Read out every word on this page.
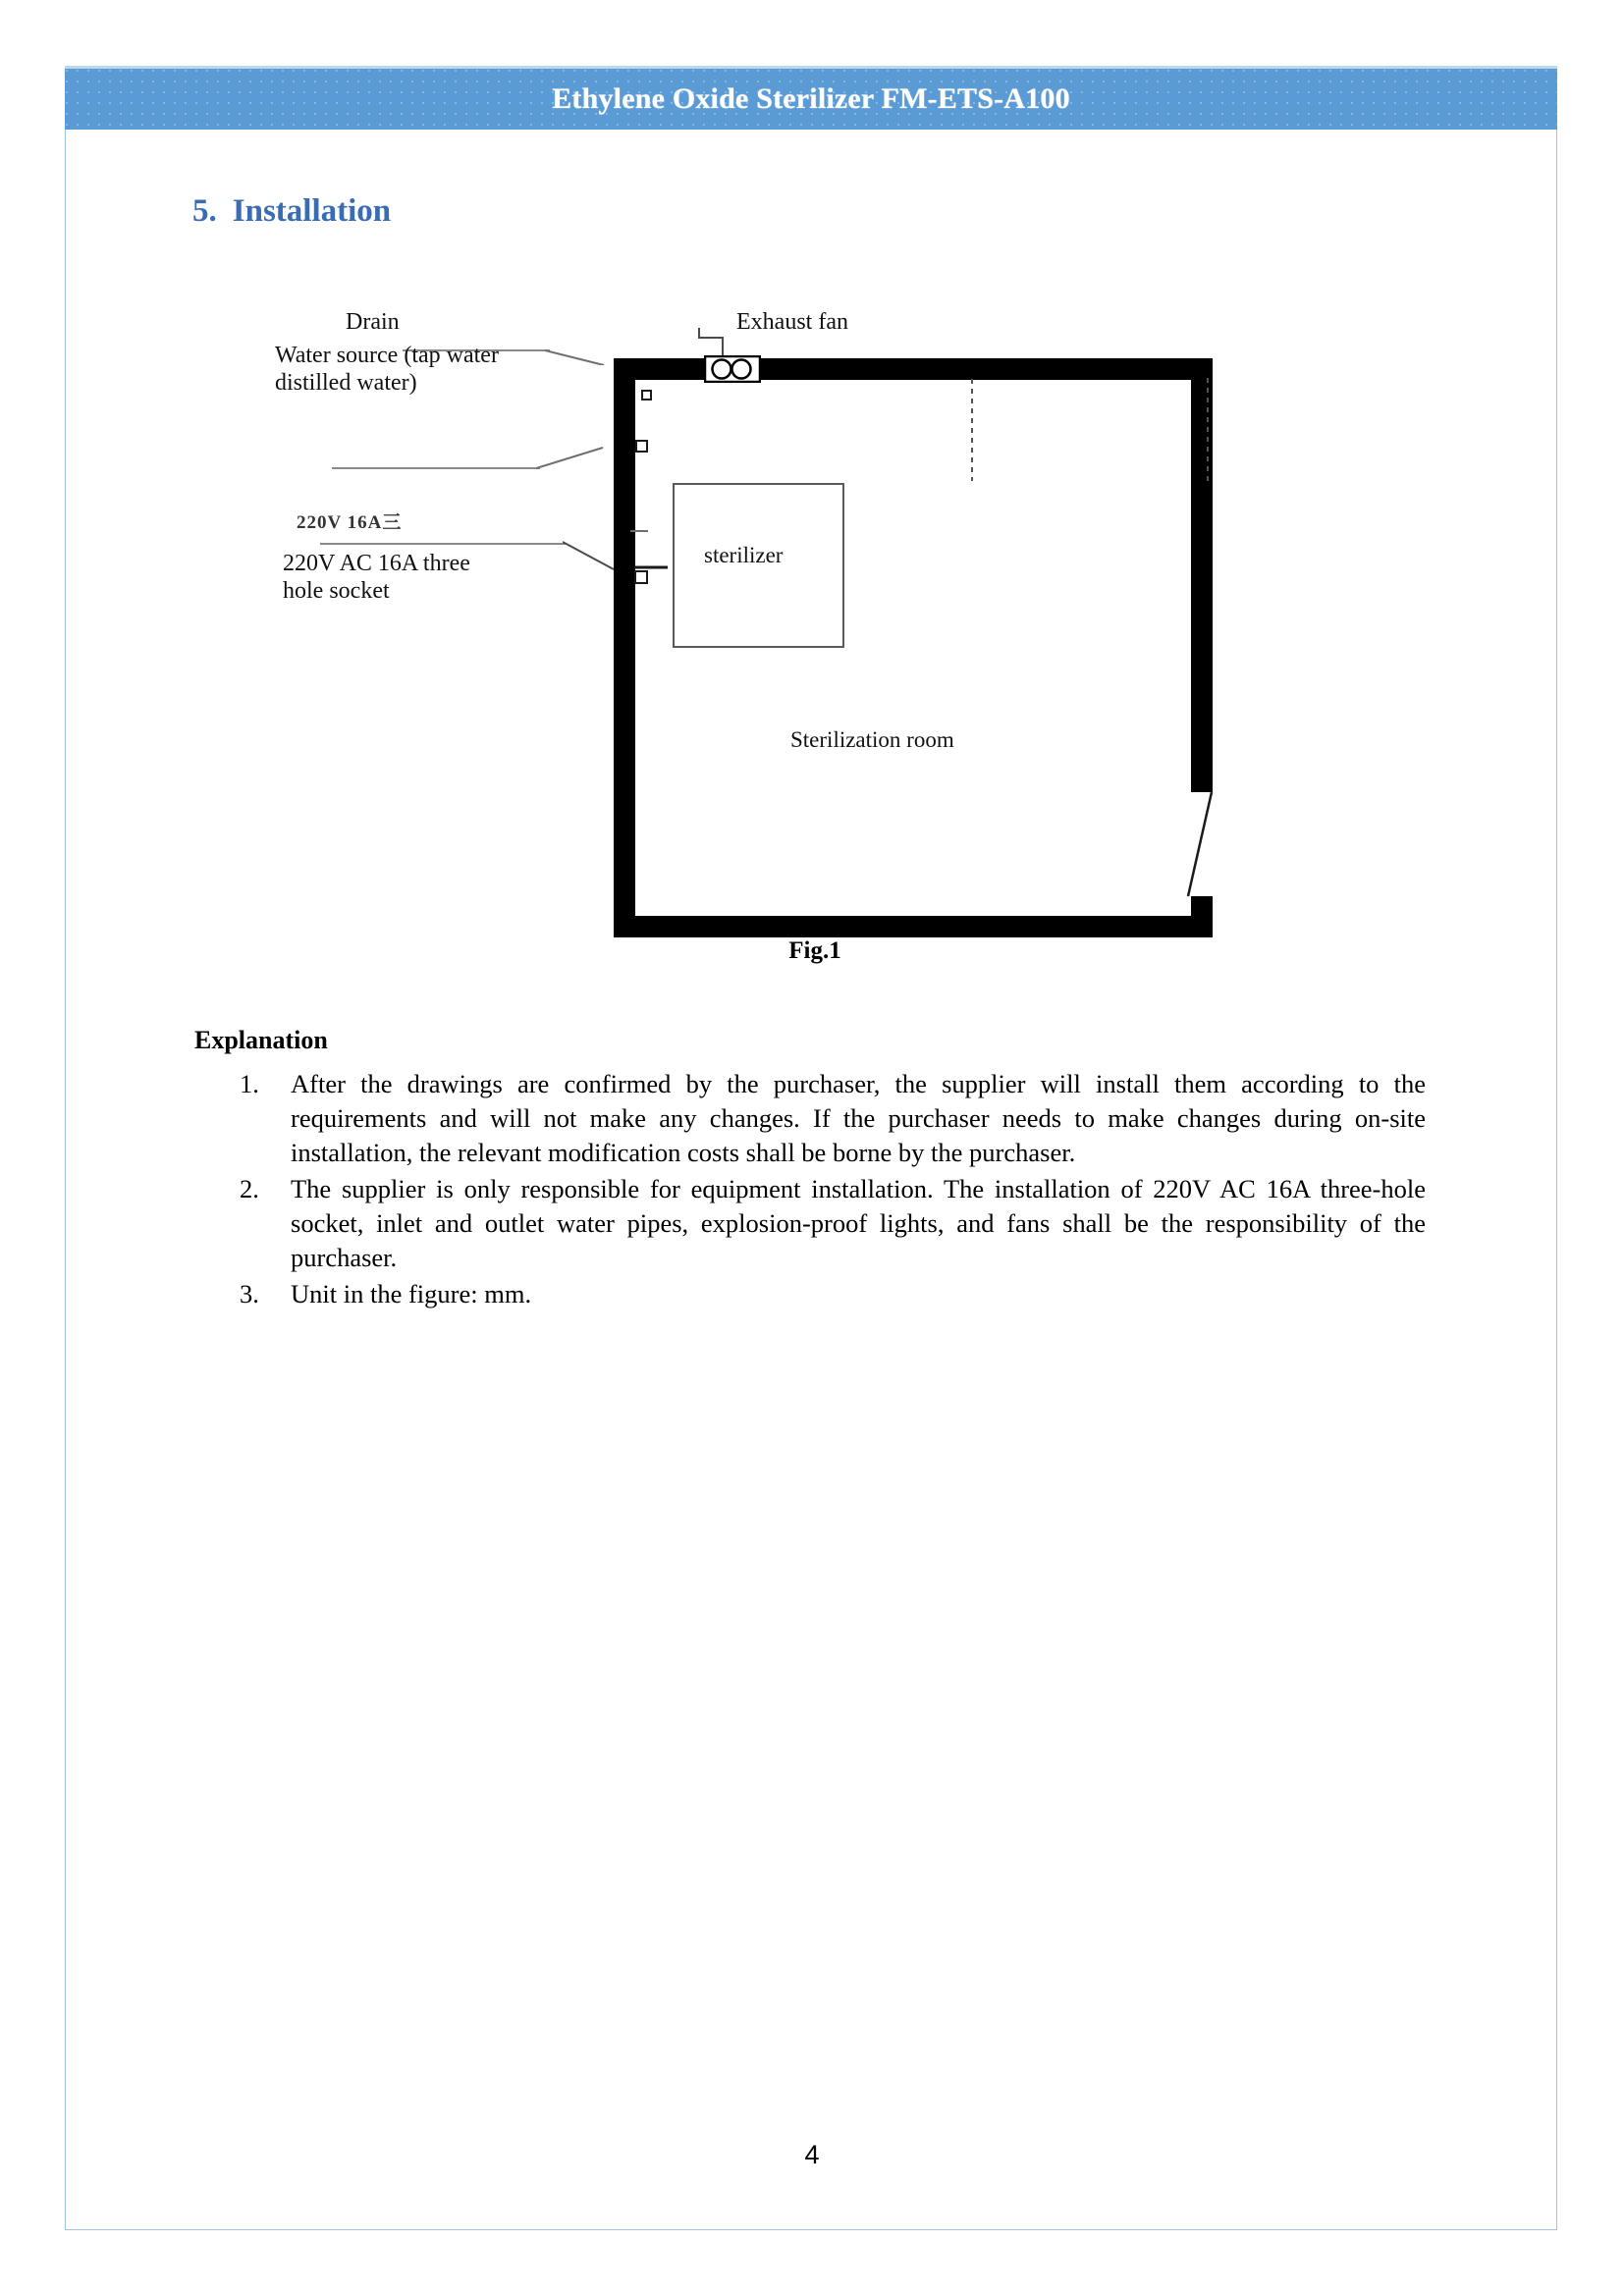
Ethylene Oxide Sterilizer FM-ETS-A100
5. Installation
Drain	Exhaust fan
Water source (tap water
distilled water)
220V 16A三
220V AC 16A three
hole socket
sterilizer
Sterilization room
Fig.1
Explanation
1.	After the drawings are confirmed by the purchaser, the supplier will install them according to the requirements and will not make any changes. If the purchaser needs to make changes during on-site installation, the relevant modification costs shall be borne by the purchaser.
2.	The supplier is only responsible for equipment installation. The installation of 220V AC 16A three-hole socket, inlet and outlet water pipes, explosion-proof lights, and fans shall be the responsibility of the purchaser.
3.	Unit in the figure: mm.
4
